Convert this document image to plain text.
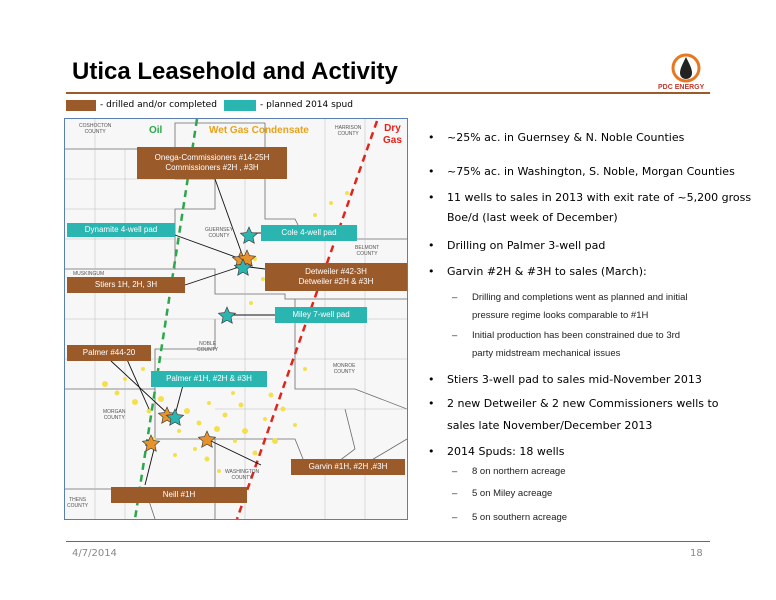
Utica Leasehold and Activity
PDC ENERGY
- drilled and/or completed	- planned 2014 spud
COSHOCTON
COUNTY
HARRISON
COUNTY
GUERNSEY
COUNTY
BELMONT
COUNTY
MUSKINGUM
NOBLE
COUNTY
MONROE
COUNTY
MORGAN
COUNTY
WASHINGTON
COUNTY
THENS
COUNTY
Oil	Wet Gas Condensate	Dry
Gas
Onega-Commissioners #14-25H
Commissioners #2H , #3H
Dynamite 4-well pad	Cole 4-well pad
Detweiler #42-3H
Detweiler #2H & #3H
Stiers 1H, 2H, 3H
Miley 7-well pad
Palmer #44-20
Palmer #1H, #2H & #3H
Garvin #1H, #2H ,#3H
Neill #1H
• ~25% ac. in Guernsey & N. Noble Counties
• ~75% ac. in Washington, S. Noble, Morgan Counties
• 11 wells to sales in 2013 with exit rate of ~5,200 gross
Boe/d (last week of December)
• Drilling on Palmer 3-well pad
• Garvin #2H & #3H to sales (March):
– Drilling and completions went as planned and initial
pressure regime looks comparable to #1H
– Initial production has been constrained due to 3rd
party midstream mechanical issues
• Stiers 3-well pad to sales mid-November 2013
• 2 new Detweiler & 2 new Commissioners wells to
sales late November/December 2013
• 2014 Spuds: 18 wells
– 8 on northern acreage
– 5 on Miley acreage
– 5 on southern acreage
4/7/2014	18
